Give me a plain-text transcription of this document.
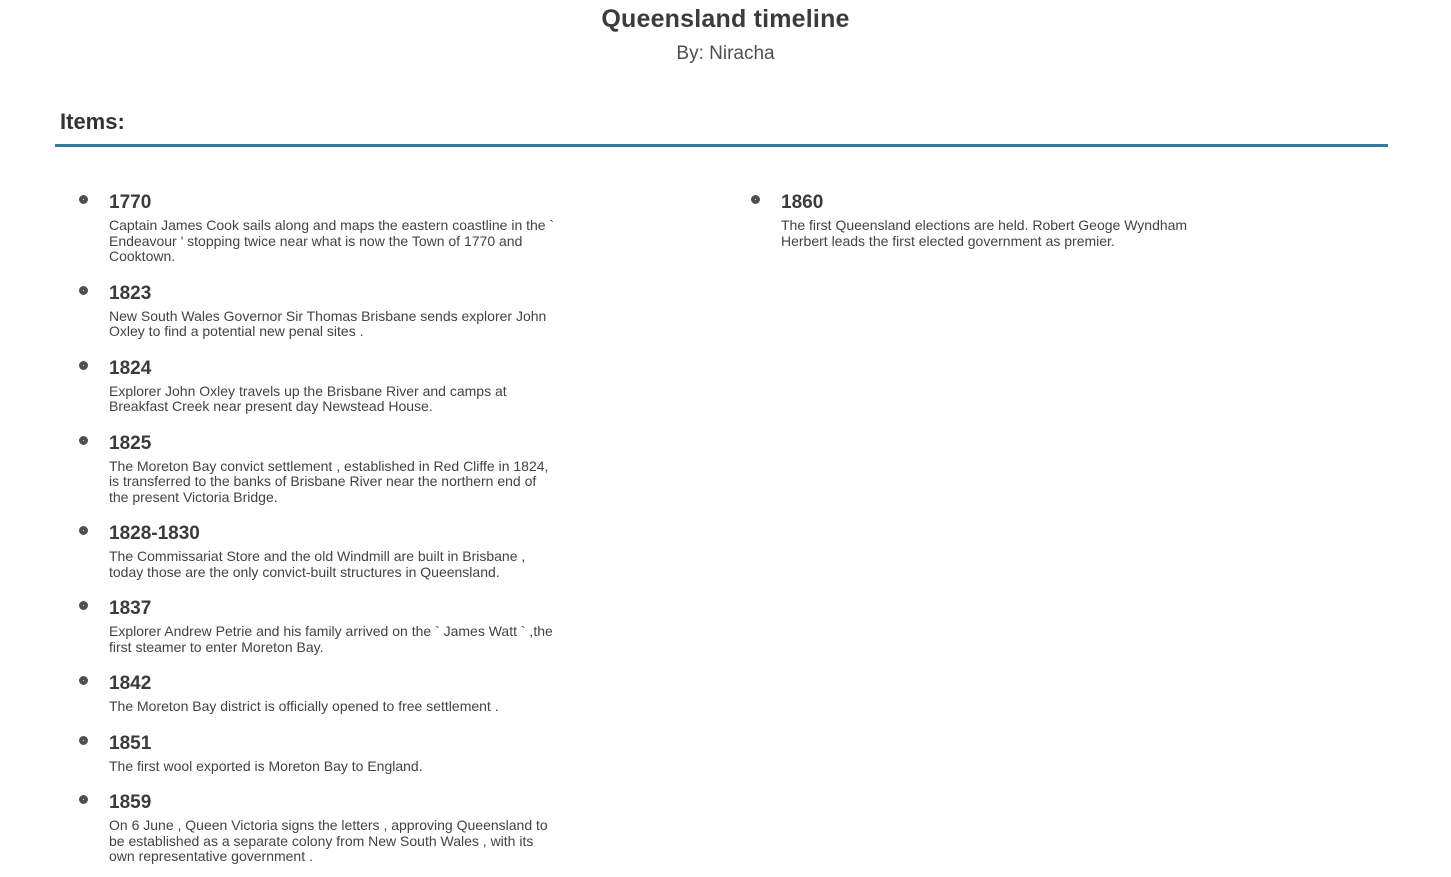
Queensland timeline
By: Niracha
Items:
1770
Captain James Cook sails along and maps the eastern coastline in the ` Endeavour ' stopping twice near what is now the Town of 1770 and Cooktown.
1823
New South Wales Governor Sir Thomas Brisbane sends explorer John Oxley to find a potential new penal sites .
1824
Explorer John Oxley travels up the Brisbane River and camps at Breakfast Creek near present day Newstead House.
1825
The Moreton Bay convict settlement , established in Red Cliffe in 1824, is transferred to the banks of Brisbane River near the northern end of the present Victoria Bridge.
1828-1830
The Commissariat Store and the old Windmill are built in Brisbane , today those are the only convict-built structures in Queensland.
1837
Explorer Andrew Petrie and his family arrived on the ` James Watt ` ,the first steamer to enter Moreton Bay.
1842
The Moreton Bay district is officially opened to free settlement .
1851
The first wool exported is Moreton Bay to England.
1859
On 6 June , Queen Victoria signs the letters , approving Queensland to be established as a separate colony from New South Wales , with its own representative government .
1860
The first Queensland elections are held. Robert Geoge Wyndham Herbert leads the first elected government as premier.
